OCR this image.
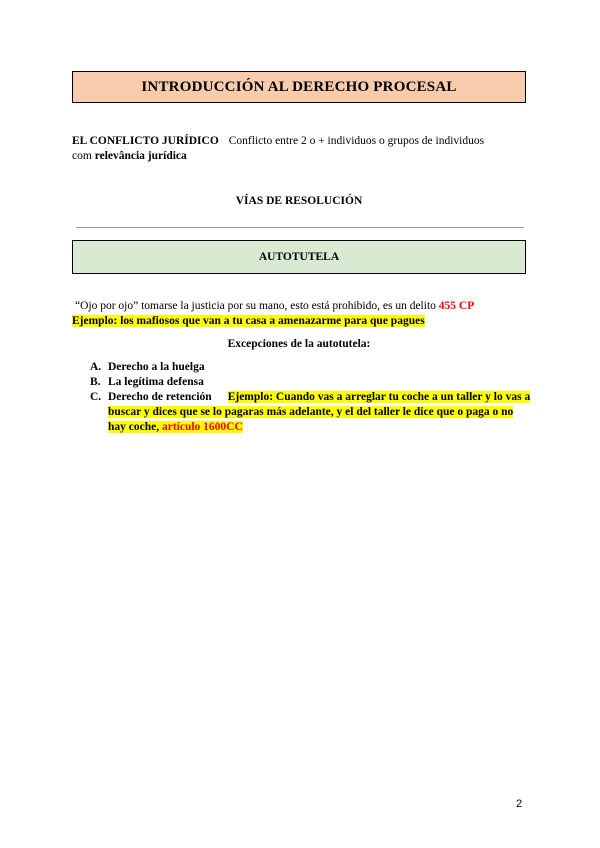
INTRODUCCIÓN AL DERECHO PROCESAL
EL CONFLICTO JURÍDICO Conflicto entre 2 o + individuos o grupos de individuos
com relevância jurídica
VÍAS DE RESOLUCIÓN
AUTOTUTELA
“Ojo por ojo” tomarse la justicia por su mano, esto está prohibido, es un delito 455 CP
Ejemplo: los mafiosos que van a tu casa a amenazarme para que pagues
Excepciones de la autotutela:
A. Derecho a la huelga
B. La legítima defensa
C. Derecho de retención Ejemplo: Cuando vas a arreglar tu coche a un taller y lo vas a buscar y dices que se lo pagaras más adelante, y el del taller le dice que o paga o no hay coche, artículo 1600CC
2
